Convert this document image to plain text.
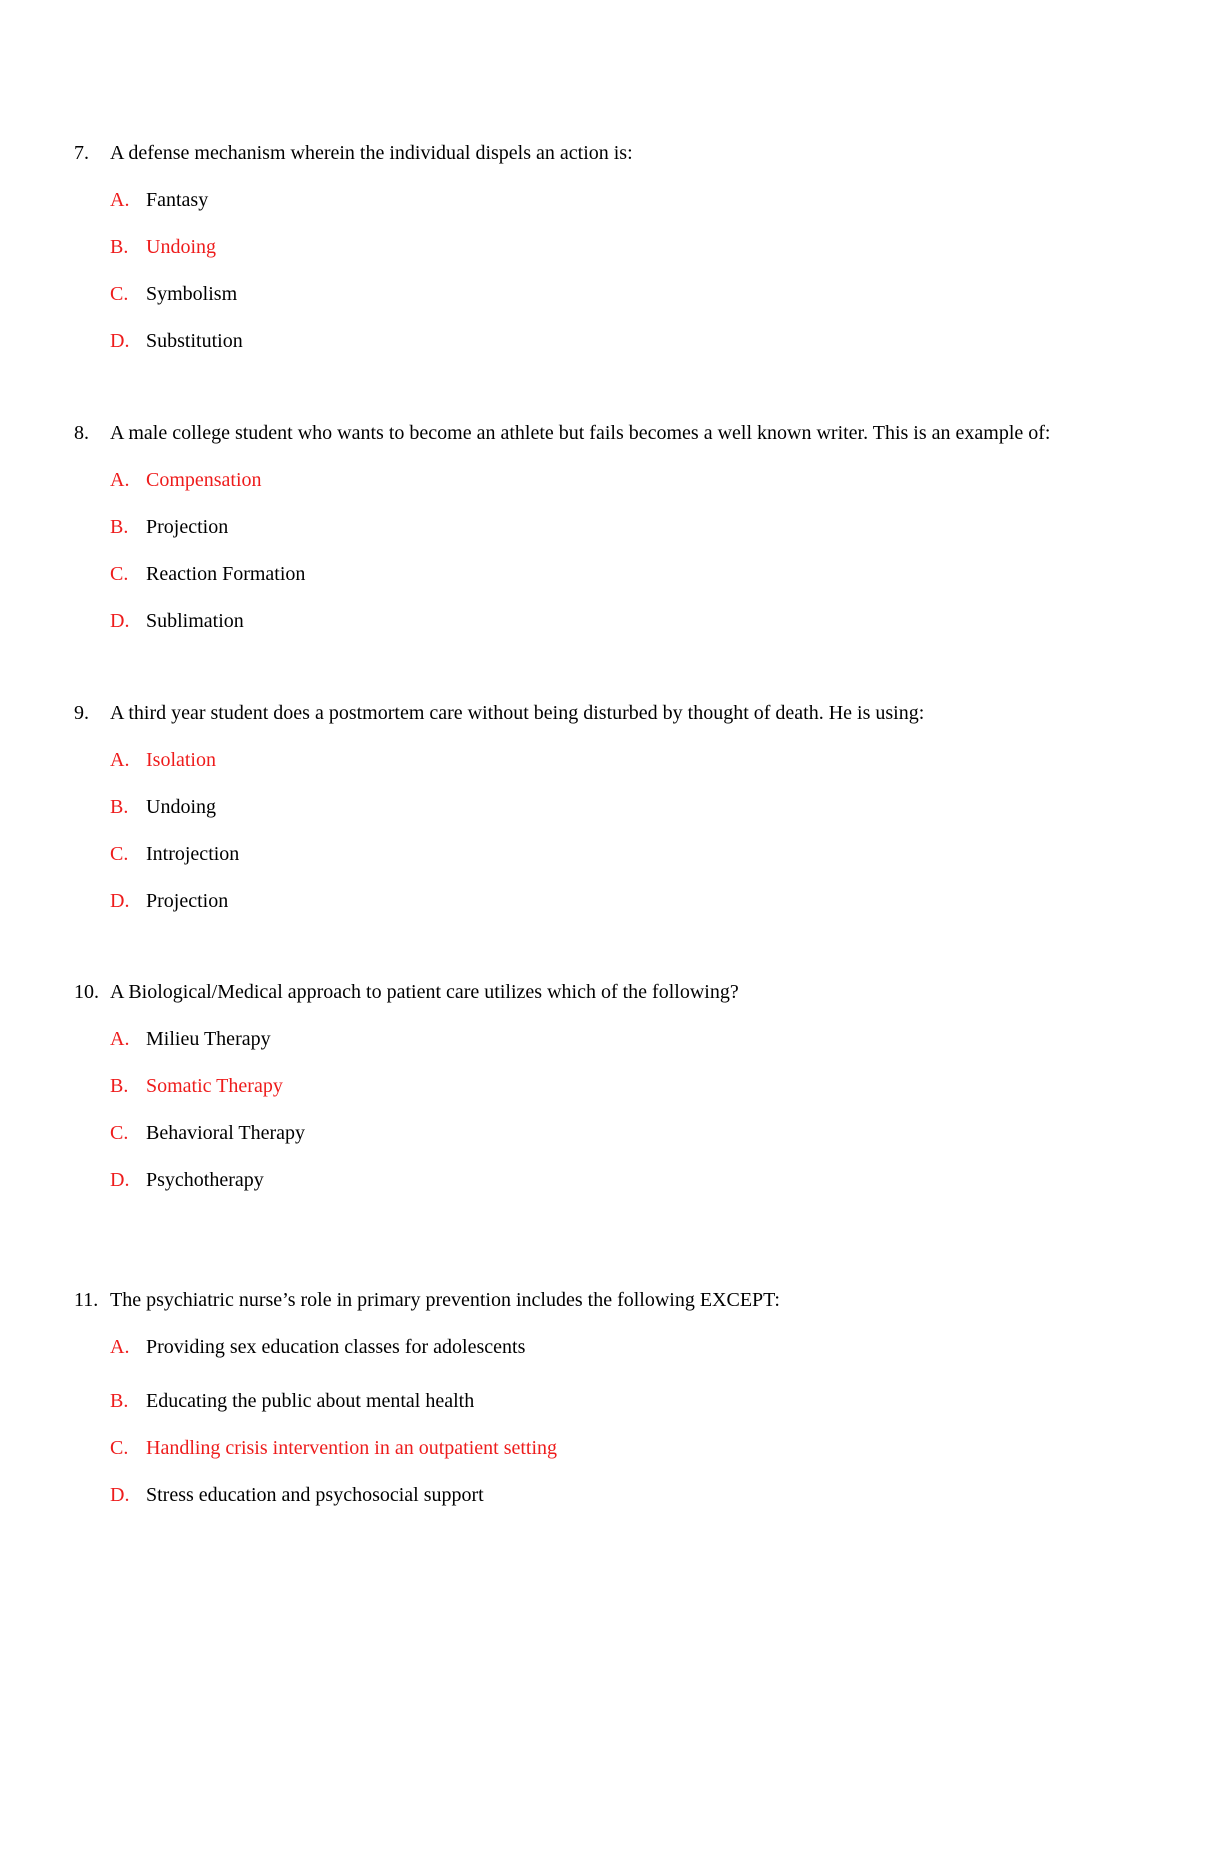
7. A defense mechanism wherein the individual dispels an action is:
A. Fantasy
B. Undoing
C. Symbolism
D. Substitution
8. A male college student who wants to become an athlete but fails becomes a well known writer. This is an example of:
A. Compensation
B. Projection
C. Reaction Formation
D. Sublimation
9. A third year student does a postmortem care without being disturbed by thought of death. He is using:
A. Isolation
B. Undoing
C. Introjection
D. Projection
10. A Biological/Medical approach to patient care utilizes which of the following?
A. Milieu Therapy
B. Somatic Therapy
C. Behavioral Therapy
D. Psychotherapy
11. The psychiatric nurse’s role in primary prevention includes the following EXCEPT:
A. Providing sex education classes for adolescents
B. Educating the public about mental health
C. Handling crisis intervention in an outpatient setting
D. Stress education and psychosocial support
